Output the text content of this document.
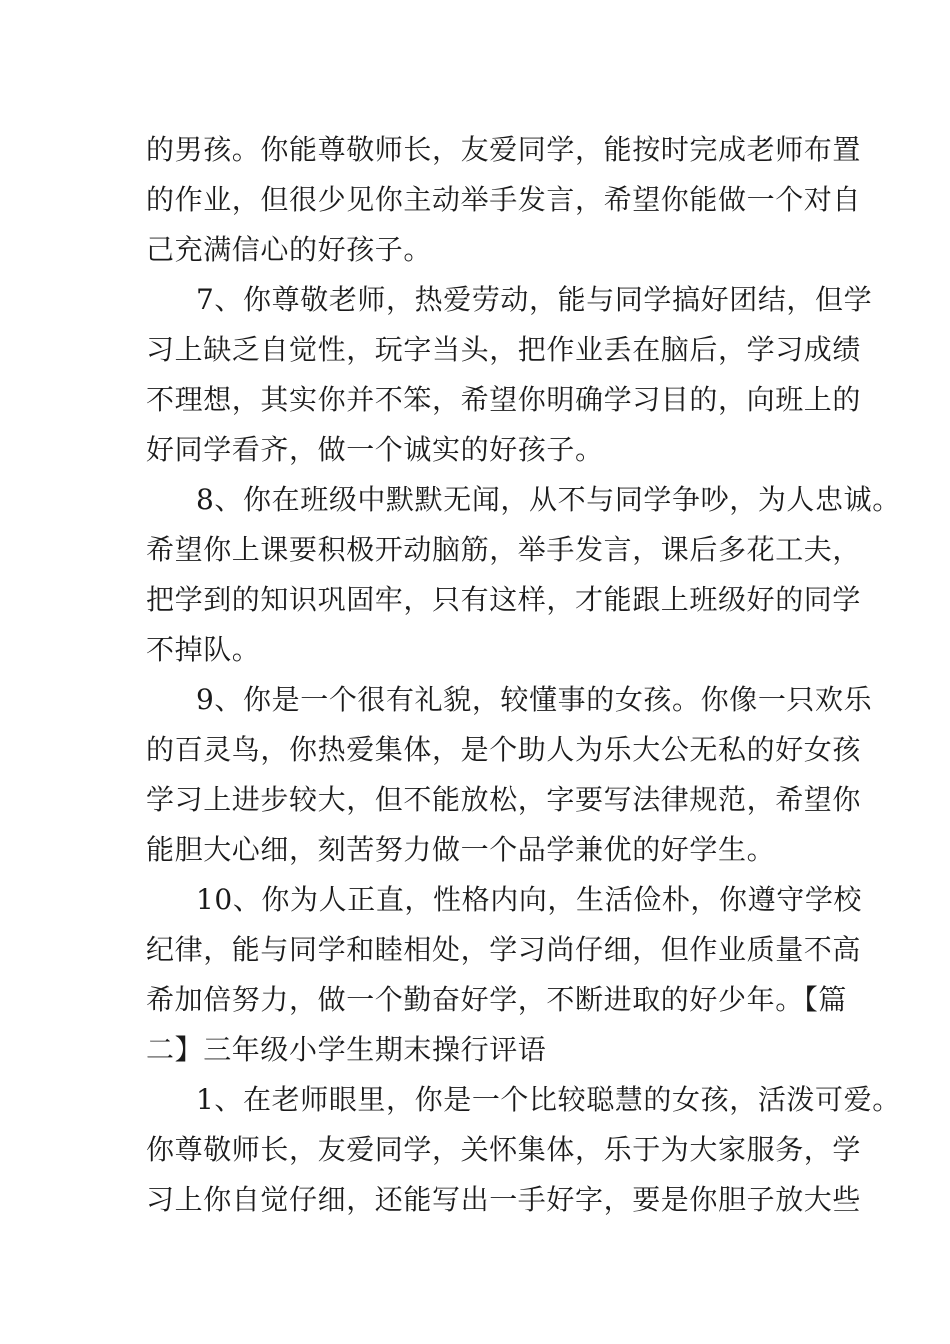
的男孩。你能尊敬师长，友爱同学，能按时完成老师布置
的作业，但很少见你主动举手发言，希望你能做一个对自
己充满信心的好孩子。
7、你尊敬老师，热爱劳动，能与同学搞好团结，但学
习上缺乏自觉性，玩字当头，把作业丢在脑后，学习成绩
不理想，其实你并不笨，希望你明确学习目的，向班上的
好同学看齐，做一个诚实的好孩子。
8、你在班级中默默无闻，从不与同学争吵，为人忠诚。
希望你上课要积极开动脑筋，举手发言，课后多花工夫，
把学到的知识巩固牢，只有这样，才能跟上班级好的同学
不掉队。
9、你是一个很有礼貌，较懂事的女孩。你像一只欢乐
的百灵鸟，你热爱集体，是个助人为乐大公无私的好女孩
学习上进步较大，但不能放松，字要写法律规范，希望你
能胆大心细，刻苦努力做一个品学兼优的好学生。
10、你为人正直，性格内向，生活俭朴，你遵守学校
纪律，能与同学和睦相处，学习尚仔细，但作业质量不高
希加倍努力，做一个勤奋好学，不断进取的好少年。【篇
二】三年级小学生期末操行评语
1、在老师眼里，你是一个比较聪慧的女孩，活泼可爱。
你尊敬师长，友爱同学，关怀集体，乐于为大家服务，学
习上你自觉仔细，还能写出一手好字，要是你胆子放大些
